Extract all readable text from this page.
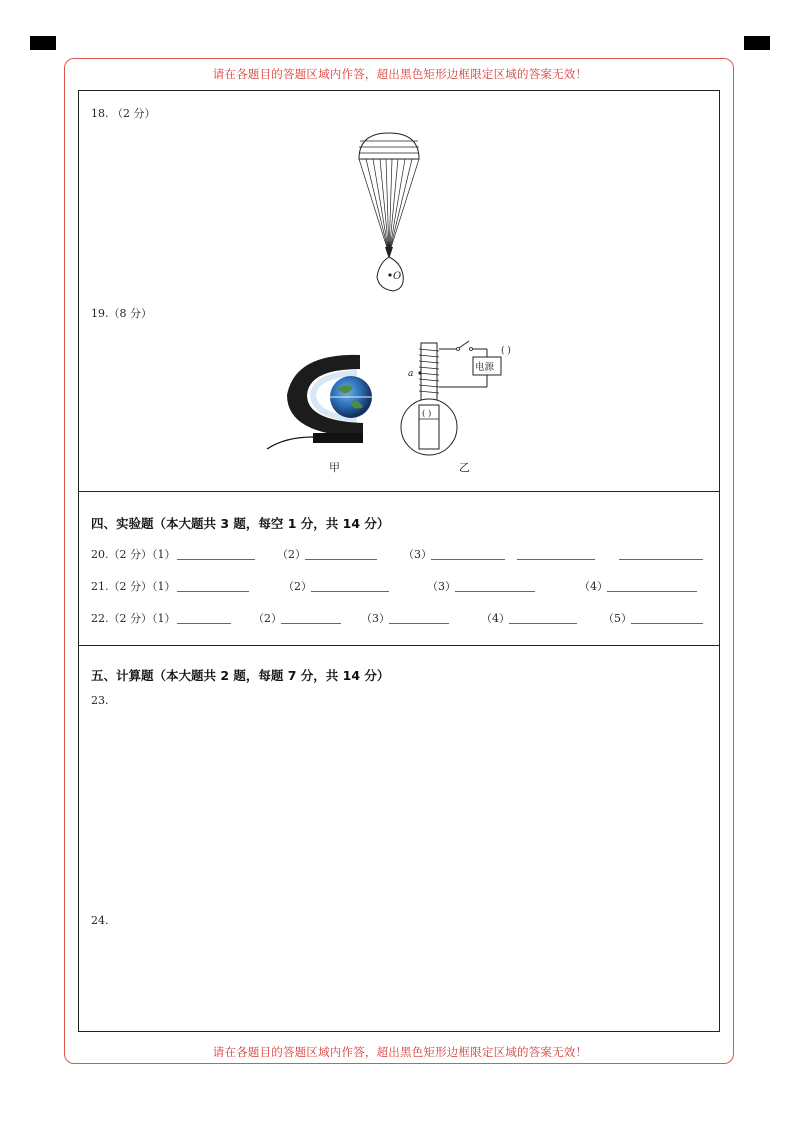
请在各题目的答题区域内作答，超出黑色矩形边框限定区域的答案无效！
请在各题目的答题区域内作答，超出黑色矩形边框限定区域的答案无效！
18. （2 分）
O
19.（8 分）
甲
a
电源
( )
( )
乙
四、实验题（本大题共 3 题，每空 1 分，共 14 分）
20.（2 分）（1）	（2）	（3）
21.（2 分）（1）	（2）	（3）	（4）
22.（2 分）（1）	（2）	（3）	（4）	（5）
五、计算题（本大题共 2 题，每题 7 分，共 14 分）
23.
24.
